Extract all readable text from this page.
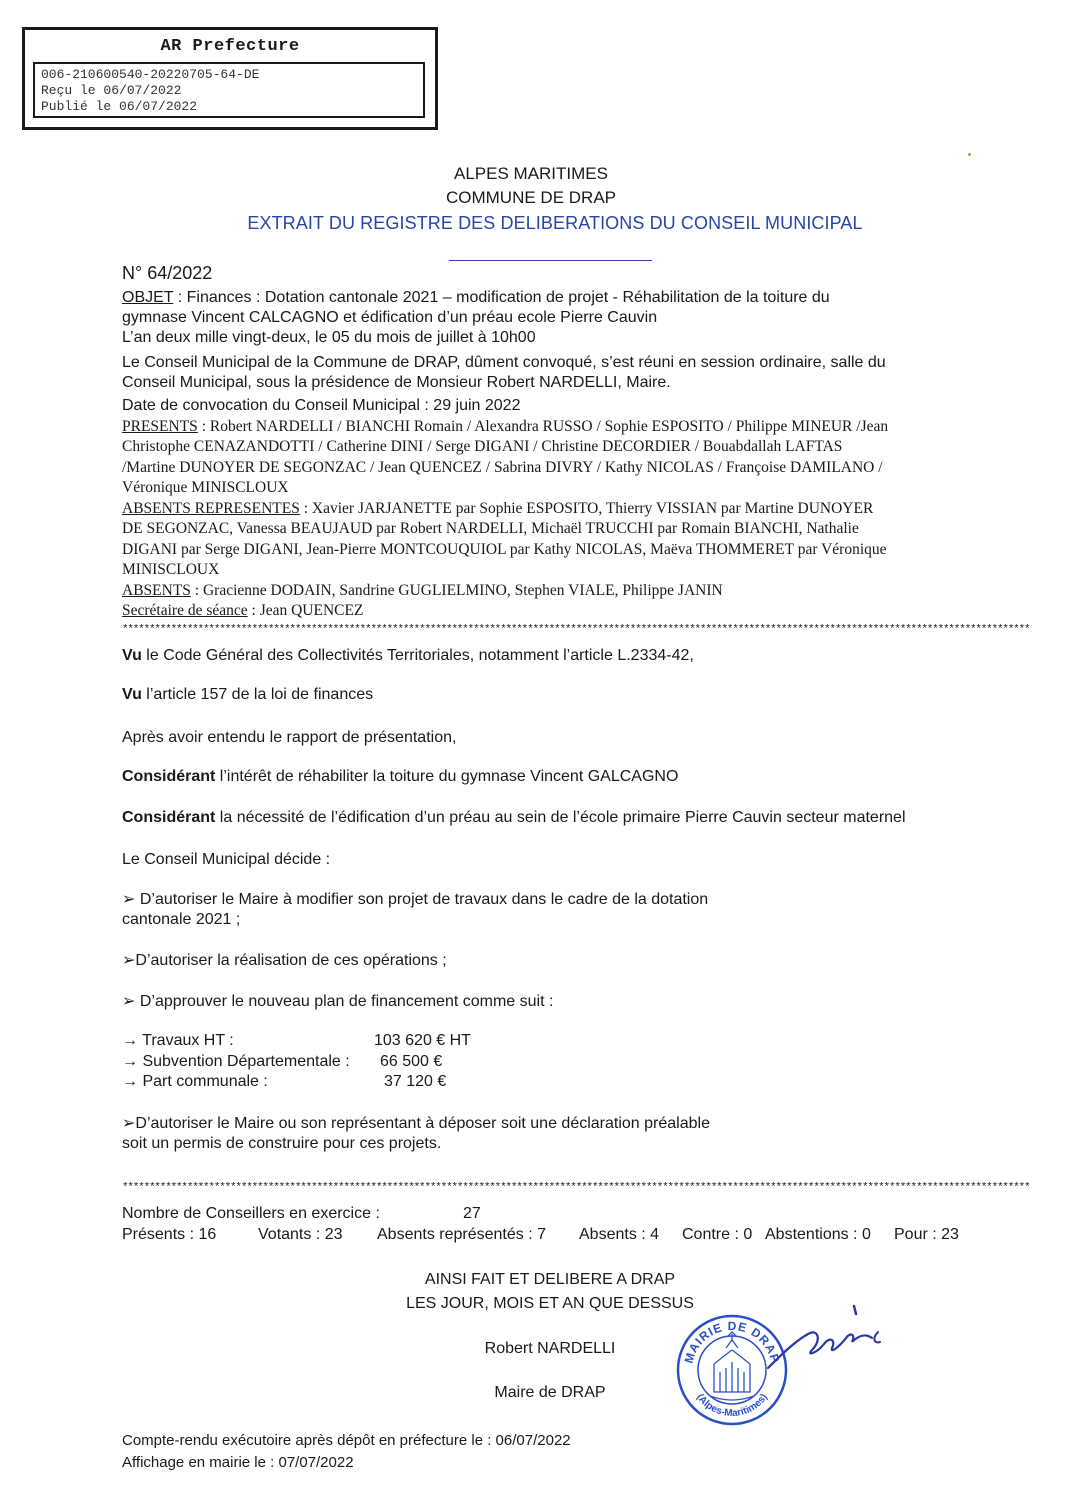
AR Prefecture
006-210600540-20220705-64-DE
Reçu le 06/07/2022
Publié le 06/07/2022
ALPES MARITIMES
COMMUNE DE DRAP
EXTRAIT DU REGISTRE DES DELIBERATIONS DU CONSEIL MUNICIPAL
N° 64/2022
OBJET : Finances : Dotation cantonale 2021 – modification de projet - Réhabilitation de la toiture du
gymnase Vincent CALCAGNO et édification d’un préau ecole Pierre Cauvin
L’an deux mille vingt-deux, le 05 du mois de juillet à 10h00
Le Conseil Municipal de la Commune de DRAP, dûment convoqué, s’est réuni en session ordinaire, salle du
Conseil Municipal, sous la présidence de Monsieur Robert NARDELLI, Maire.
Date de convocation du Conseil Municipal : 29 juin 2022
PRESENTS : Robert NARDELLI / BIANCHI Romain / Alexandra RUSSO / Sophie ESPOSITO / Philippe MINEUR /Jean
Christophe CENAZANDOTTI / Catherine DINI / Serge DIGANI / Christine DECORDIER / Bouabdallah LAFTAS
/Martine DUNOYER DE SEGONZAC / Jean QUENCEZ / Sabrina DIVRY / Kathy NICOLAS / Françoise DAMILANO /
Véronique MINISCLOUX
ABSENTS REPRESENTES : Xavier JARJANETTE par Sophie ESPOSITO, Thierry VISSIAN par Martine DUNOYER
DE SEGONZAC, Vanessa BEAUJAUD par Robert NARDELLI, Michaël TRUCCHI par Romain BIANCHI, Nathalie
DIGANI par Serge DIGANI, Jean-Pierre MONTCOUQUIOL par Kathy NICOLAS, Maëva THOMMERET par Véronique
MINISCLOUX
ABSENTS : Gracienne DODAIN, Sandrine GUGLIELMINO, Stephen VIALE, Philippe JANIN
Secrétaire de séance : Jean QUENCEZ
************************************************************************************************************************************************************************
Vu le Code Général des Collectivités Territoriales, notamment l’article L.2334-42,
Vu l’article 157 de la loi de finances
Après avoir entendu le rapport de présentation,
Considérant l’intérêt de réhabiliter la toiture du gymnase Vincent GALCAGNO
Considérant la nécessité de l’édification d’un préau au sein de l’école primaire Pierre Cauvin secteur maternel
Le Conseil Municipal décide :
➢ D’autoriser le Maire à modifier son projet de travaux dans le cadre de la dotation
cantonale 2021 ;
➢D’autoriser la réalisation de ces opérations ;
➢ D’approuver le nouveau plan de financement comme suit :
→ Travaux HT :	103 620 € HT
→ Subvention Départementale : 66 500 €
→ Part communale :	37 120 €
➢D’autoriser le Maire ou son représentant à déposer soit une déclaration préalable
soit un permis de construire pour ces projets.
************************************************************************************************************************************************************************
Nombre de Conseillers en exercice :	27
Présents : 16	Votants : 23 Absents représentés : 7 Absents : 4 Contre : 0 Abstentions : 0 Pour : 23
AINSI FAIT ET DELIBERE A DRAP
LES JOUR, MOIS ET AN QUE DESSUS
Robert NARDELLI
Maire de DRAP
MAIRIE DE DRAP
(Alpes-Maritimes)
Compte-rendu exécutoire après dépôt en préfecture le : 06/07/2022
Affichage en mairie le : 07/07/2022
